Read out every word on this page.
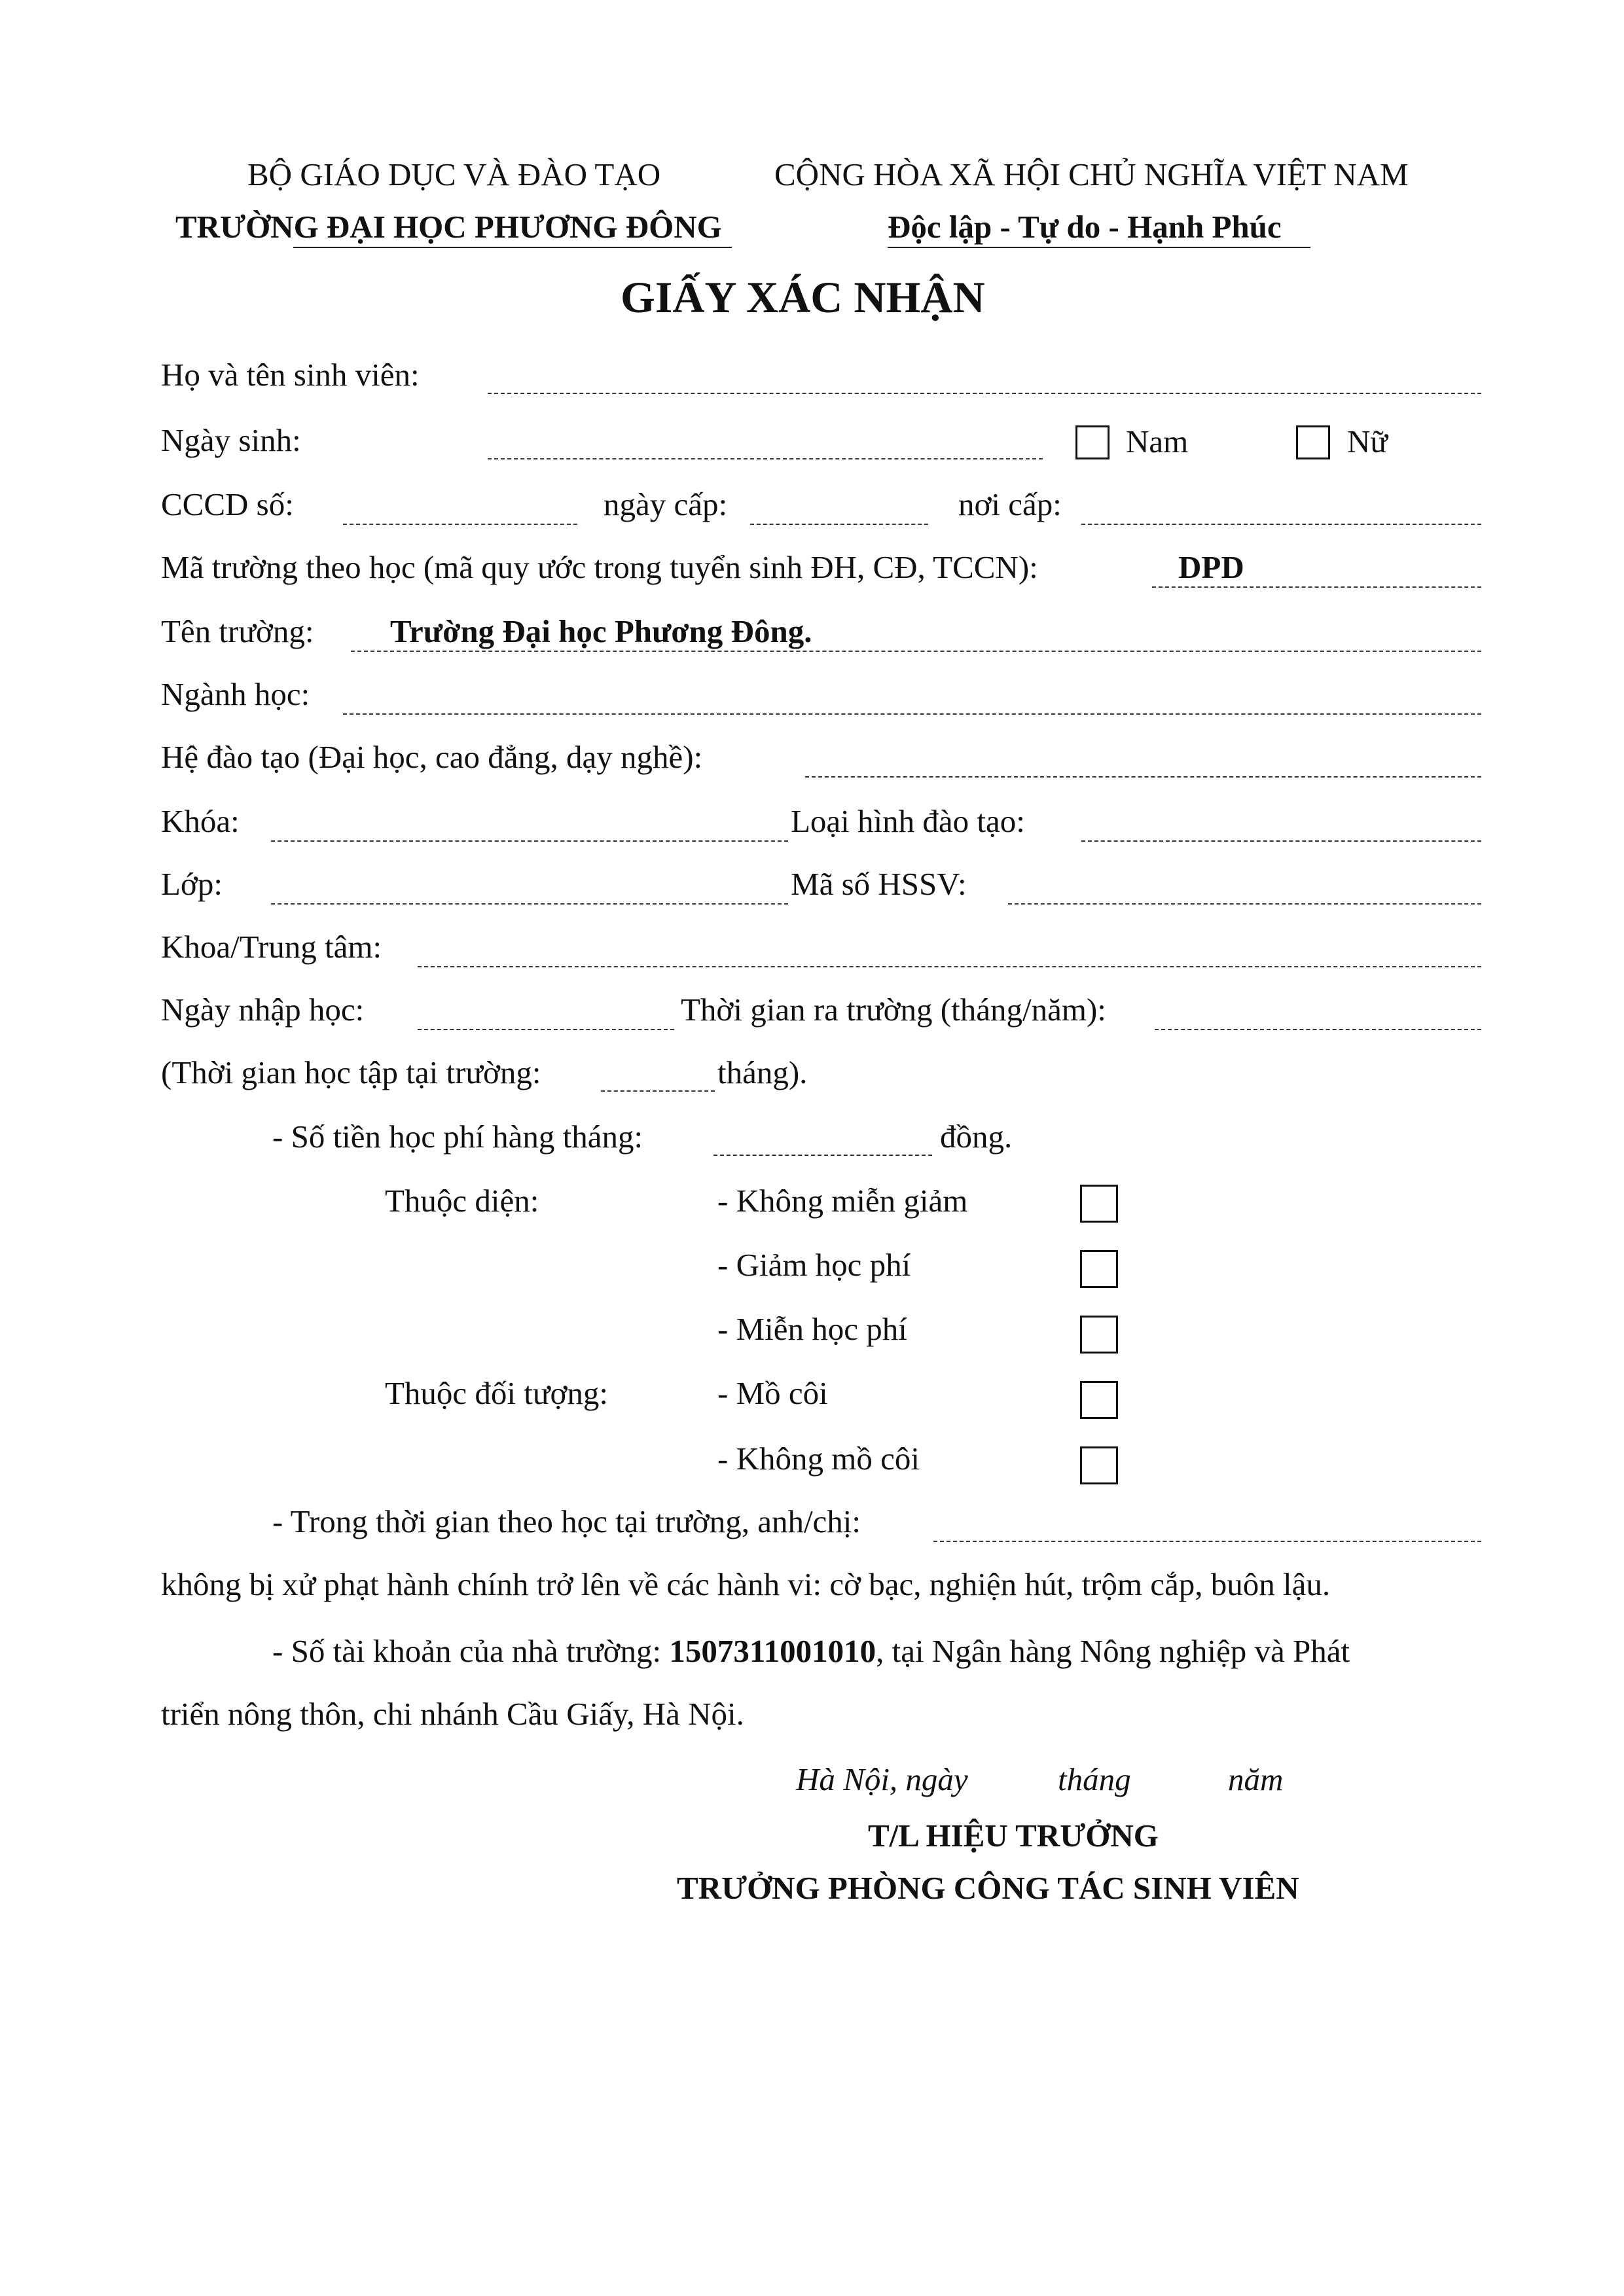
BỘ GIÁO DỤC VÀ ĐÀO TẠO
TRƯỜNG ĐẠI HỌC PHƯƠNG ĐÔNG
CỘNG HÒA XÃ HỘI CHỦ NGHĨA VIỆT NAM
Độc lập - Tự do - Hạnh Phúc
GIẤY XÁC NHẬN
Họ và tên sinh viên:
Ngày sinh:	Nam	Nữ
CCCD số:	ngày cấp:	nơi cấp:
Mã trường theo học (mã quy ước trong tuyển sinh ĐH, CĐ, TCCN):	DPD
Tên trường: Trường Đại học Phương Đông.
Ngành học:
Hệ đào tạo (Đại học, cao đẳng, dạy nghề):
Khóa:	Loại hình đào tạo:
Lớp:	Mã số HSSV:
Khoa/Trung tâm:
Ngày nhập học:	Thời gian ra trường (tháng/năm):
(Thời gian học tập tại trường:	tháng).
- Số tiền học phí hàng tháng:	đồng.
Thuộc diện:	- Không miễn giảm
- Giảm học phí
- Miễn học phí
Thuộc đối tượng:	- Mồ côi
- Không mồ côi
- Trong thời gian theo học tại trường, anh/chị:
không bị xử phạt hành chính trở lên về các hành vi: cờ bạc, nghiện hút, trộm cắp, buôn lậu.
- Số tài khoản của nhà trường: 1507311001010, tại Ngân hàng Nông nghiệp và Phát
triển nông thôn, chi nhánh Cầu Giấy, Hà Nội.
Hà Nội, ngày	tháng	năm
T/L HIỆU TRƯỞNG
TRƯỞNG PHÒNG CÔNG TÁC SINH VIÊN
